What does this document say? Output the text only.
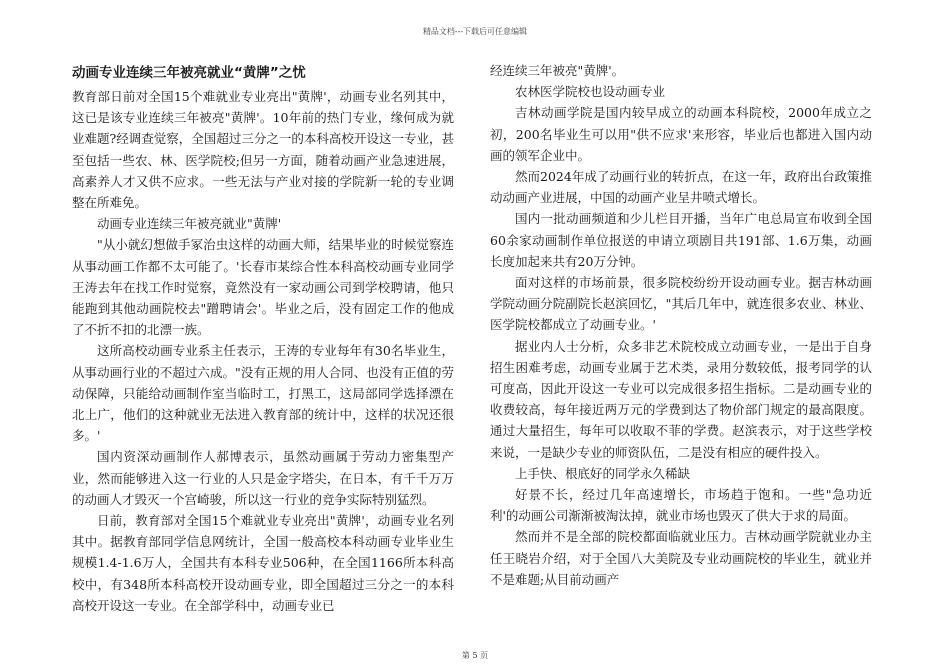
精品文档---下载后可任意编辑

动画专业连续三年被亮就业“黄牌”之忧

教育部日前对全国15个难就业专业亮出"黄牌'，动画专业名列其中，这已是该专业连续三年被亮"黄牌'。10年前的热门专业，缘何成为就业难题?经调查觉察，全国超过三分之一的本科高校开设这一专业，甚至包括一些农、林、医学院校;但另一方面，随着动画产业急速进展，高素养人才又供不应求。一些无法与产业对接的学院新一轮的专业调整在所难免。

动画专业连续三年被亮就业"黄牌'

"从小就幻想做手冢治虫这样的动画大师，结果毕业的时候觉察连从事动画工作都不太可能了。'长春市某综合性本科高校动画专业同学王涛去年在找工作时觉察，竟然没有一家动画公司到学校聘请，他只能跑到其他动画院校去"蹭聘请会'。毕业之后，没有固定工作的他成了不折不扣的北漂一族。

这所高校动画专业系主任表示，王涛的专业每年有30名毕业生，从事动画行业的不超过六成。"没有正规的用人合同、也没有正值的劳动保障，只能给动画制作室当临时工，打黑工，这局部同学选择漂在北上广，他们的这种就业无法进入教育部的统计中，这样的状况还很多。'

国内资深动画制作人郝博表示，虽然动画属于劳动力密集型产业，然而能够进入这一行业的人只是金字塔尖，在日本，有千千万万的动画人才毁灭一个宫崎骏，所以这一行业的竞争实际特别猛烈。

日前，教育部对全国15个难就业专业亮出"黄牌'，动画专业名列其中。据教育部同学信息网统计，全国一般高校本科动画专业毕业生规模1.4-1.6万人，全国共有本科专业506种，在全国1166所本科高校中，有348所本科高校开设动画专业，即全国超过三分之一的本科高校开设这一专业。在全部学科中，动画专业已

经连续三年被亮"黄牌'。

农林医学院校也设动画专业

吉林动画学院是国内较早成立的动画本科院校，2000年成立之初，200名毕业生可以用"供不应求'来形容，毕业后也都进入国内动画的领军企业中。

然而2024年成了动画行业的转折点，在这一年，政府出台政策推动动画产业进展，中国的动画产业呈井喷式增长。

国内一批动画频道和少儿栏目开播，当年广电总局宣布收到全国60余家动画制作单位报送的申请立项剧目共191部、1.6万集，动画长度加起来共有20万分钟。

面对这样的市场前景，很多院校纷纷开设动画专业。据吉林动画学院动画分院副院长赵滨回忆，"其后几年中，就连很多农业、林业、医学院校都成立了动画专业。'

据业内人士分析，众多非艺术院校成立动画专业，一是出于自身招生困难考虑，动画专业属于艺术类，录用分数较低，报考同学的认可度高，因此开设这一专业可以完成很多招生指标。二是动画专业的收费较高，每年接近两万元的学费到达了物价部门规定的最高限度。通过大量招生，每年可以收取不菲的学费。赵滨表示，对于这些学校来说，一是缺少专业的师资队伍，二是没有相应的硬件投入。

上手快、根底好的同学永久稀缺

好景不长，经过几年高速增长，市场趋于饱和。一些"急功近利'的动画公司渐渐被淘汰掉，就业市场也毁灭了供大于求的局面。

然而并不是全部的院校都面临就业压力。吉林动画学院就业办主任王晓岩介绍，对于全国八大美院及专业动画院校的毕业生，就业并不是难题;从目前动画产

第 5 页
